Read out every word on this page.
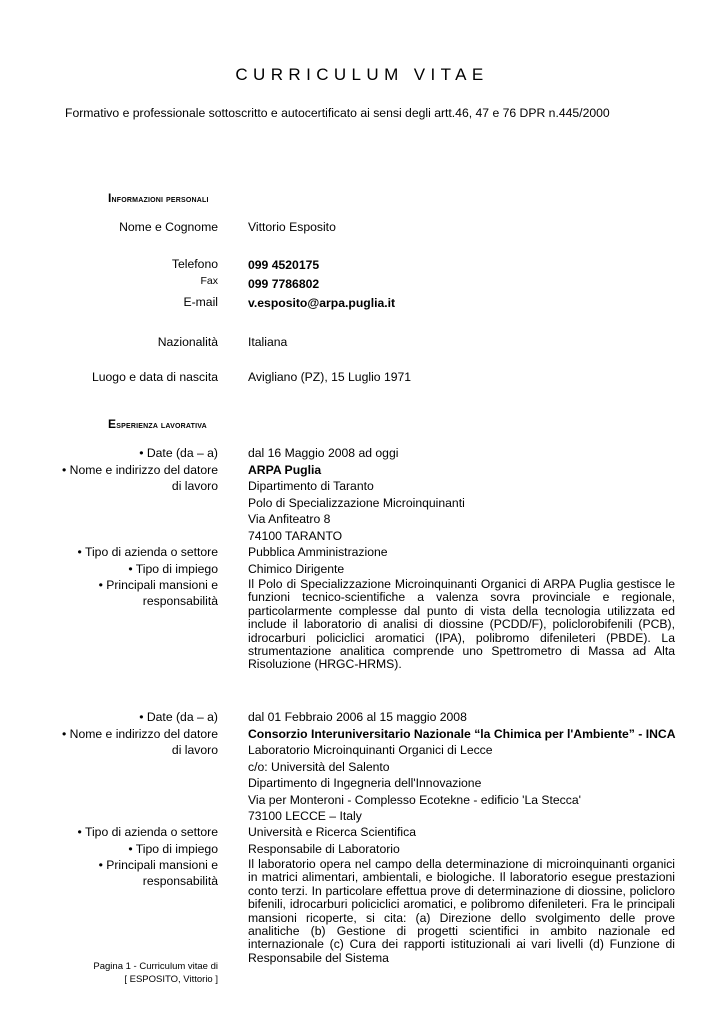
CURRICULUM VITAE
Formativo e professionale sottoscritto e autocertificato ai sensi degli artt.46, 47 e 76 DPR n.445/2000
Informazioni personali
Nome e Cognome Vittorio Esposito
Telefono 099 4520175
Fax 099 7786802
E-mail v.esposito@arpa.puglia.it
Nazionalità Italiana
Luogo e data di nascita Avigliano (PZ), 15 Luglio 1971
Esperienza lavorativa
• Date (da – a) dal 16 Maggio 2008 ad oggi
• Nome e indirizzo del datore
di lavoro
ARPA Puglia
Dipartimento di Taranto
Polo di Specializzazione Microinquinanti
Via Anfiteatro 8
74100 TARANTO
• Tipo di azienda o settore Pubblica Amministrazione
• Tipo di impiego Chimico Dirigente
• Principali mansioni e
responsabilità
Il Polo di Specializzazione Microinquinanti Organici di ARPA Puglia gestisce le funzioni tecnico-scientifiche a valenza sovra provinciale e regionale, particolarmente complesse dal punto di vista della tecnologia utilizzata ed include il laboratorio di analisi di diossine (PCDD/F), policlorobifenili (PCB), idrocarburi policiclici aromatici (IPA), polibromo difenileteri (PBDE). La strumentazione analitica comprende uno Spettrometro di Massa ad Alta Risoluzione (HRGC-HRMS).
• Date (da – a) dal 01 Febbraio 2006 al 15 maggio 2008
• Nome e indirizzo del datore
di lavoro
Consorzio Interuniversitario Nazionale “la Chimica per l'Ambiente” - INCA
Laboratorio Microinquinanti Organici di Lecce
c/o: Università del Salento
Dipartimento di Ingegneria dell'Innovazione
Via per Monteroni - Complesso Ecotekne - edificio 'La Stecca'
73100 LECCE – Italy
• Tipo di azienda o settore Università e Ricerca Scientifica
• Tipo di impiego Responsabile di Laboratorio
• Principali mansioni e
responsabilità
Il laboratorio opera nel campo della determinazione di microinquinanti organici in matrici alimentari, ambientali, e biologiche. Il laboratorio esegue prestazioni conto terzi. In particolare effettua prove di determinazione di diossine, policloro bifenili, idrocarburi policiclici aromatici, e polibromo difenileteri. Fra le principali mansioni ricoperte, si cita: (a) Direzione dello svolgimento delle prove analitiche (b) Gestione di progetti scientifici in ambito nazionale ed internazionale (c) Cura dei rapporti istituzionali ai vari livelli (d) Funzione di Responsabile del Sistema
Pagina 1 - Curriculum vitae di
[ ESPOSITO, Vittorio ]
